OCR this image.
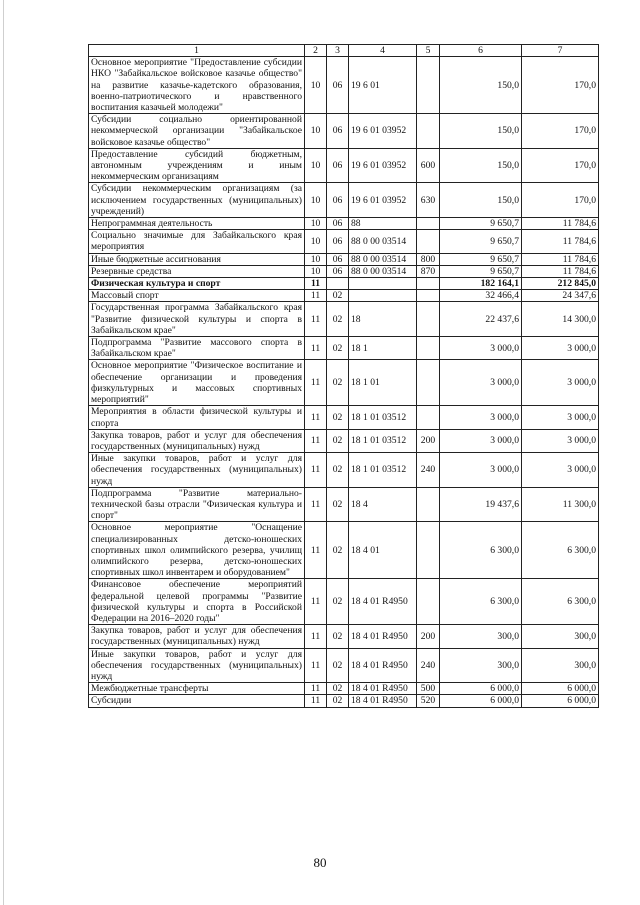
1	2	3	4	5	6	7
Основное мероприятие "Предоставление субсидии НКО "Забайкальское войсковое казачье общество" на развитие казачье-кадетского образования, военно-патриотического и нравственного воспитания казачьей молодежи"	10	06	19 6 01		150,0	170,0
Субсидии социально ориентированной некоммерческой организации "Забайкальское войсковое казачье общество"	10	06	19 6 01 03952		150,0	170,0
Предоставление субсидий бюджетным, автономным учреждениям и иным некоммерческим организациям	10	06	19 6 01 03952	600	150,0	170,0
Субсидии некоммерческим организациям (за исключением государственных (муниципальных) учреждений)	10	06	19 6 01 03952	630	150,0	170,0
Непрограммная деятельность	10	06	88		9 650,7	11 784,6
Социально значимые для Забайкальского края мероприятия	10	06	88 0 00 03514		9 650,7	11 784,6
Иные бюджетные ассигнования	10	06	88 0 00 03514	800	9 650,7	11 784,6
Резервные средства	10	06	88 0 00 03514	870	9 650,7	11 784,6
Физическая культура и спорт	11				182 164,1	212 845,0
Массовый спорт	11	02			32 466,4	24 347,6
Государственная программа Забайкальского края "Развитие физической культуры и спорта в Забайкальском крае"	11	02	18		22 437,6	14 300,0
Подпрограмма "Развитие массового спорта в Забайкальском крае"	11	02	18 1		3 000,0	3 000,0
Основное мероприятие "Физическое воспитание и обеспечение организации и проведения физкультурных и массовых спортивных мероприятий"	11	02	18 1 01		3 000,0	3 000,0
Мероприятия в области физической культуры и спорта	11	02	18 1 01 03512		3 000,0	3 000,0
Закупка товаров, работ и услуг для обеспечения государственных (муниципальных) нужд	11	02	18 1 01 03512	200	3 000,0	3 000,0
Иные закупки товаров, работ и услуг для обеспечения государственных (муниципальных) нужд	11	02	18 1 01 03512	240	3 000,0	3 000,0
Подпрограмма "Развитие материально-технической базы отрасли "Физическая культура и спорт"	11	02	18 4		19 437,6	11 300,0
Основное мероприятие "Оснащение специализированных детско-юношеских спортивных школ олимпийского резерва, училищ олимпийского резерва, детско-юношеских спортивных школ инвентарем и оборудованием"	11	02	18 4 01		6 300,0	6 300,0
Финансовое обеспечение мероприятий федеральной целевой программы "Развитие физической культуры и спорта в Российской Федерации на 2016–2020 годы"	11	02	18 4 01 R4950		6 300,0	6 300,0
Закупка товаров, работ и услуг для обеспечения государственных (муниципальных) нужд	11	02	18 4 01 R4950	200	300,0	300,0
Иные закупки товаров, работ и услуг для обеспечения государственных (муниципальных) нужд	11	02	18 4 01 R4950	240	300,0	300,0
Межбюджетные трансферты	11	02	18 4 01 R4950	500	6 000,0	6 000,0
Субсидии	11	02	18 4 01 R4950	520	6 000,0	6 000,0
80
